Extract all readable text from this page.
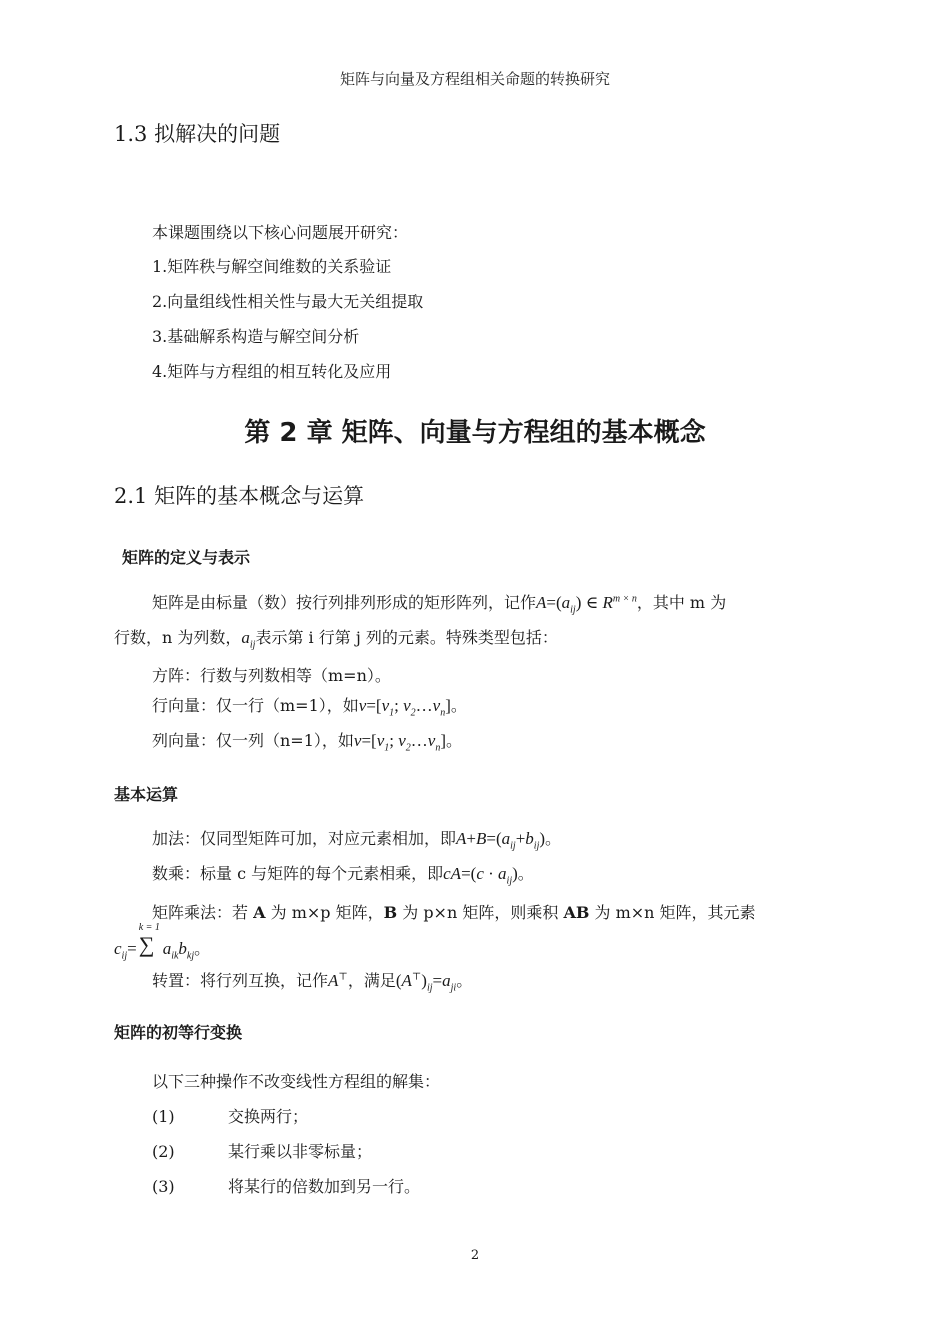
矩阵与向量及方程组相关命题的转换研究
1.3 拟解决的问题
本课题围绕以下核心问题展开研究：
1.矩阵秩与解空间维数的关系验证
2.向量组线性相关性与最大无关组提取
3.基础解系构造与解空间分析
4.矩阵与方程组的相互转化及应用
第 2 章 矩阵、向量与方程组的基本概念
2.1 矩阵的基本概念与运算
矩阵的定义与表示
矩阵是由标量（数）按行列排列形成的矩形阵列，记作$A=(a_{ij})$ ∈ $R^{m \times n}$，其中 m 为
行数，n 为列数，$a_{ij}$表示第 i 行第 j 列的元素。特殊类型包括：
方阵：行数与列数相等（m=n）。
行向量：仅一行（m=1），如$v=[v_1$; $v_2\dots v_n$]。
列向量：仅一列（n=1），如$v=[v_1$; $v_2\dots v_n$]。
基本运算
加法：仅同型矩阵可加，对应元素相加，即$A+B=(a_{ij}+b_{ij})$。
数乘：标量 c 与矩阵的每个元素相乘，即$cA=(c \cdot a_{ij})$。
矩阵乘法：若 A 为 m×p 矩阵，B 为 p×n 矩阵，则乘积 AB 为 m×n 矩阵，其元素
$c_{ij}=$
k = 1
∑ $a_{ik}b_{kj}$。
转置：将行列互换，记作A⊤，满足$(A^⊤)_{ij}=a_{ji}$。
矩阵的初等行变换
以下三种操作不改变线性方程组的解集：
(1)	交换两行；
(2)	某行乘以非零标量；
(3)	将某行的倍数加到另一行。
2
